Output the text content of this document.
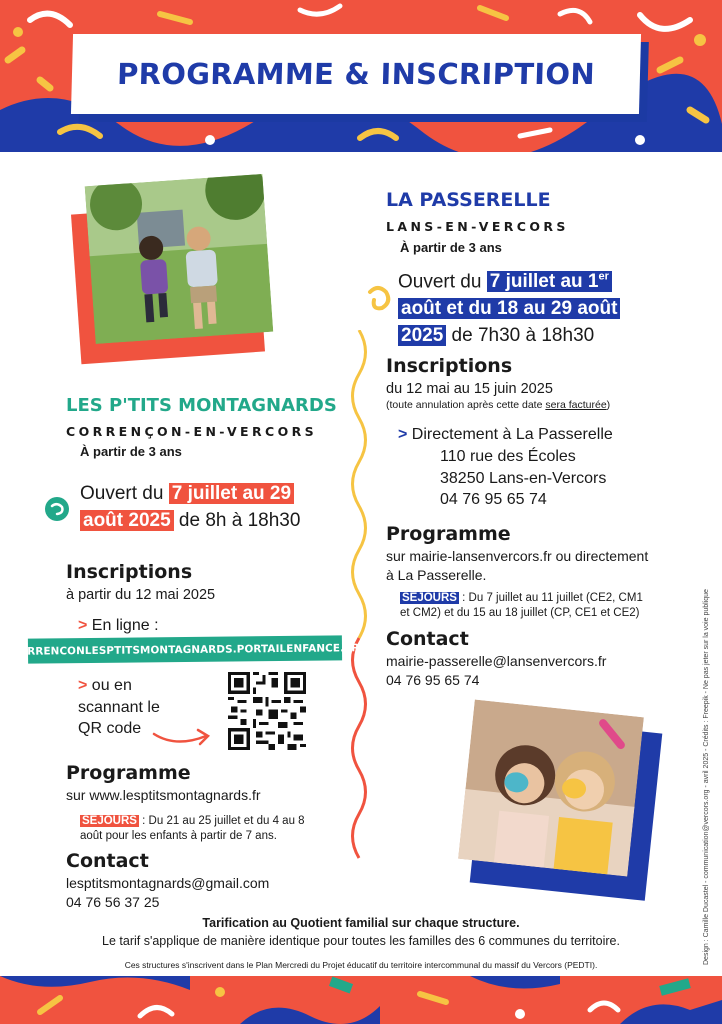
PROGRAMME & INSCRIPTION
LA PASSERELLE
LANS-EN-VERCORS
À partir de 3 ans
Ouvert du 7 juillet au 1er
août et du 18 au 29 août
2025 de 7h30 à 18h30
Inscriptions
du 12 mai au 15 juin 2025
(toute annulation après cette date sera facturée)
> Directement à La Passerelle
110 rue des Écoles
38250 Lans-en-Vercors
04 76 95 65 74
Programme
sur mairie-lansenvercors.fr ou directement
à La Passerelle.
SÉJOURS : Du 7 juillet au 11 juillet (CE2, CM1
et CM2) et du 15 au 18 juillet (CP, CE1 et CE2)
Contact
mairie-passerelle@lansenvercors.fr
04 76 95 65 74
LES P'TITS MONTAGNARDS
CORRENÇON-EN-VERCORS
À partir de 3 ans
Ouvert du 7 juillet au 29
août 2025 de 8h à 18h30
Inscriptions
à partir du 12 mai 2025
> En ligne :
CORRENCONLESPTITSMONTAGNARDS.PORTAILENFANCE.FR
> ou en
scannant le
QR code
Programme
sur www.lesptitsmontagnards.fr
SÉJOURS : Du 21 au 25 juillet et du 4 au 8
août pour les enfants à partir de 7 ans.
Contact
lesptitsmontagnards@gmail.com
04 76 56 37 25
Tarification au Quotient familial sur chaque structure.
Le tarif s'applique de manière identique pour toutes les familles des 6 communes du territoire.
Ces structures s'inscrivent dans le Plan Mercredi du Projet éducatif du territoire intercommunal du massif du Vercors (PEDTI).	Design : Camille Ducastel - communication@vercors.org - avril 2025 - Crédits : Freepik - Ne pas jeter sur la voie publique
